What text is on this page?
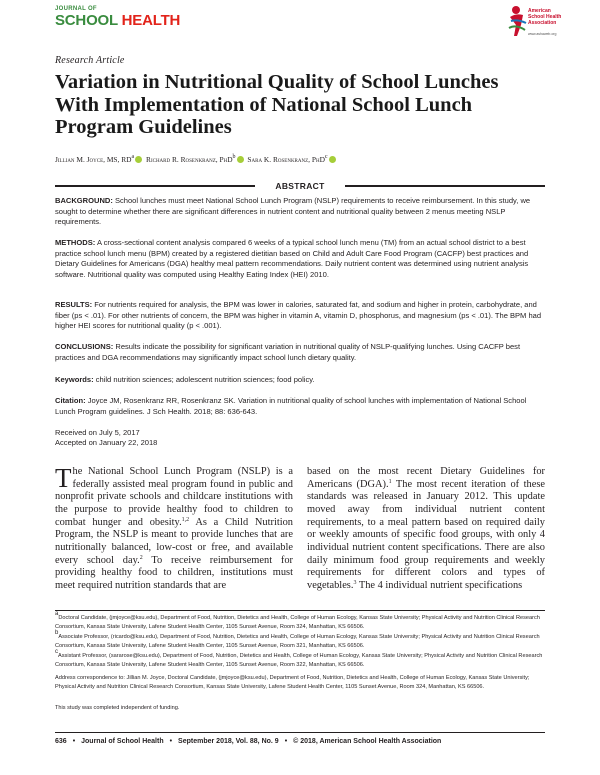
JOURNAL OF
SCHOOL HEALTH
American
School Health Association
www.ashaweb.org
Research Article
Variation in Nutritional Quality of School Lunches With Implementation of National School Lunch Program Guidelines
Jillian M. Joyce, MS, $RD^a$ Richard R. Rosenkranz, PhD$^b$ Sara K. Rosenkranz, PhD$^c$
ABSTRACT

BACKGROUND: School lunches must meet National School Lunch Program (NSLP) requirements to receive reimbursement. In this study, we sought to determine whether there are significant differences in nutrient content and nutritional quality between 2 menus meeting NSLP requirements.

METHODS: A cross-sectional content analysis compared 6 weeks of a typical school lunch menu (TM) from an actual school district to a best practice school lunch menu (BPM) created by a registered dietitian based on Child and Adult Care Food Program (CACFP) best practices and Dietary Guidelines for Americans (DGA) healthy meal pattern recommendations. Daily nutrient content was determined using nutrient analysis software. Nutritional quality was computed using Healthy Eating Index (HEI) 2010.

RESULTS: For nutrients required for analysis, the BPM was lower in calories, saturated fat, and sodium and higher in protein, carbohydrate, and fiber (ps < .01). For other nutrients of concern, the BPM was higher in vitamin A, vitamin D, phosphorus, and magnesium (ps < .01). The BPM had higher HEI scores for nutritional quality (p < .001).

CONCLUSIONS: Results indicate the possibility for significant variation in nutritional quality of NSLP-qualifying lunches. Using CACFP best practices and DGA recommendations may significantly impact school lunch dietary quality.

Keywords: child nutrition sciences; adolescent nutrition sciences; food policy.

Citation: Joyce JM, Rosenkranz RR, Rosenkranz SK. Variation in nutritional quality of school lunches with implementation of National School Lunch Program guidelines. J Sch Health. 2018; 88: 636-643.

Received on July 5, 2017

Accepted on January 22, 2018

The National School Lunch Program (NSLP) is a federally assisted meal program found in public and nonprofit private schools and childcare institutions with the purpose to provide healthy food to children to combat hunger and obesity.$^{1,2}$ As a Child Nutrition Program, the NSLP is meant to provide lunches that are nutritionally balanced, low-cost or free, and available every school day.$^2$ To receive reimbursement for providing healthy food to children, institutions must meet required nutrition standards that are
based on the most recent Dietary Guidelines for Americans (DGA).$^1$ The most recent iteration of these standards was released in January 2012. This update moved away from individual nutrient content requirements, to a meal pattern based on required daily or weekly amounts of specific food groups, with only 4 individual nutrient content specifications. There are also daily minimum food group requirements and weekly requirements for different colors and types of vegetables.$^3$ The 4 individual nutrient specifications

$^a$Doctoral Candidate, (jmjoyce@ksu.edu), Department of Food, Nutrition, Dietetics and Health, College of Human Ecology, Kansas State University; Physical Activity and Nutrition Clinical Research Consortium, Kansas State University, Lafene Student Health Center, 1105 Sunset Avenue, Room 324, Manhattan, KS 66506.

$^b$Associate Professor, (ricardo@ksu.edu), Department of Food, Nutrition, Dietetics and Health, College of Human Ecology, Kansas State University; Physical Activity and Nutrition Clinical Research Consortium, Kansas State University, Lafene Student Health Center, 1105 Sunset Avenue, Room 321, Manhattan, KS 66506.

$^c$Assistant Professor, (sararose@ksu.edu), Department of Food, Nutrition, Dietetics and Health, College of Human Ecology, Kansas State University; Physical Activity and Nutrition Clinical Research Consortium, Kansas State University, Lafene Student Health Center, 1105 Sunset Avenue, Room 322, Manhattan, KS 66506.

Address correspondence to: Jillian M. Joyce, Doctoral Candidate, (jmjoyce@ksu.edu), Department of Food, Nutrition, Dietetics and Health, College of Human Ecology, Kansas State University; Physical Activity and Nutrition Clinical Research Consortium, Kansas State University, Lafene Student Health Center, 1105 Sunset Avenue, Room 324, Manhattan, KS 66506.

This study was completed independent of funding.

636 • Journal of School Health • September 2018, Vol. 88, No. 9 • © 2018, American School Health Association
